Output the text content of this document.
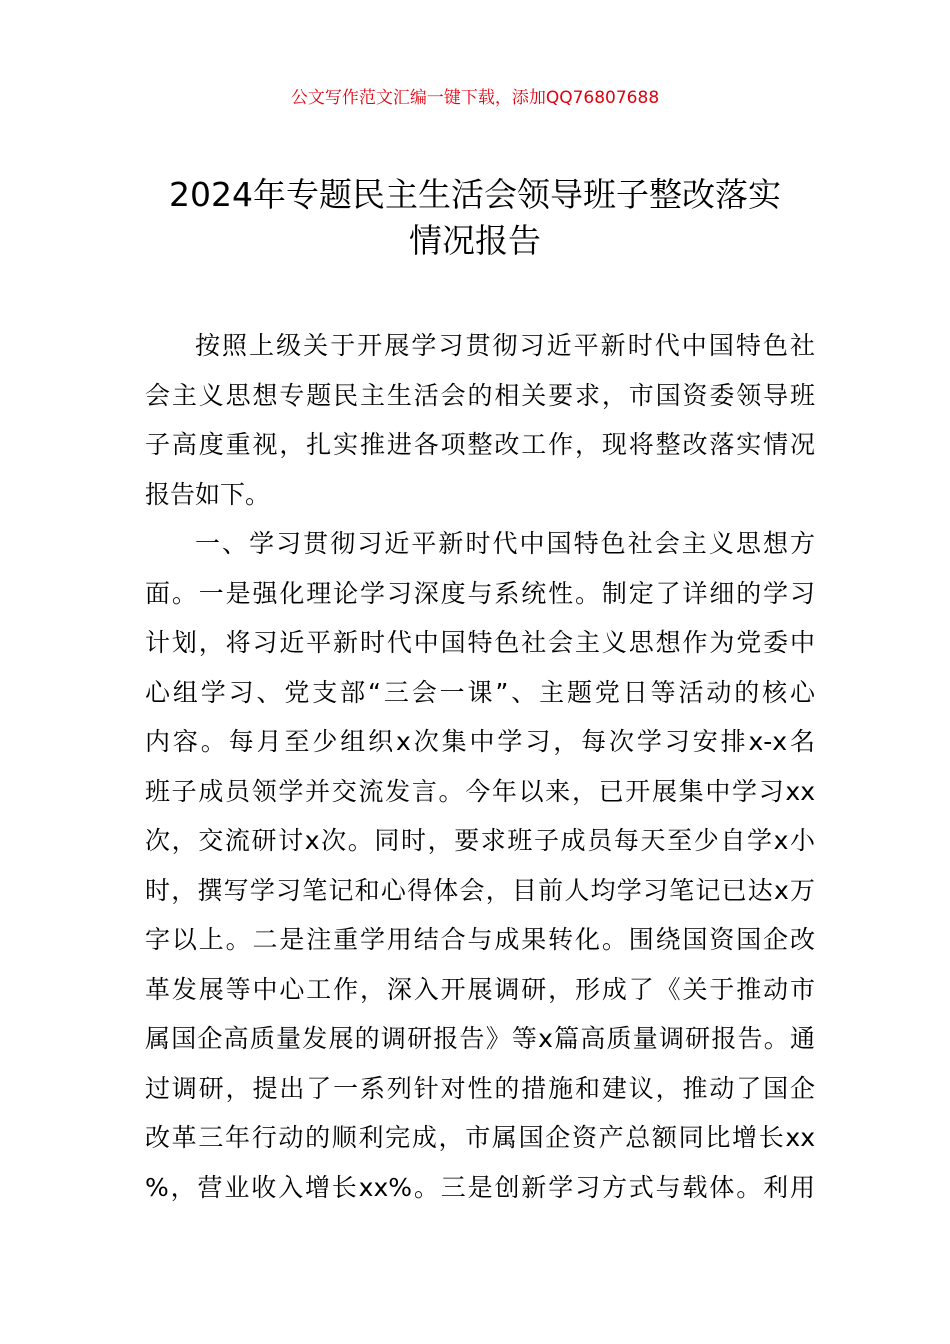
公文写作范文汇编一键下载，添加QQ76807688
2024年专题民主生活会领导班子整改落实
情况报告
按照上级关于开展学习贯彻习近平新时代中国特色社
会主义思想专题民主生活会的相关要求，市国资委领导班
子高度重视，扎实推进各项整改工作，现将整改落实情况
报告如下。
一、学习贯彻习近平新时代中国特色社会主义思想方
面。一是强化理论学习深度与系统性。制定了详细的学习
计划，将习近平新时代中国特色社会主义思想作为党委中
心组学习、党支部“三会一课”、主题党日等活动的核心
内容。每月至少组织x次集中学习，每次学习安排x-x名
班子成员领学并交流发言。今年以来，已开展集中学习xx
次，交流研讨x次。同时，要求班子成员每天至少自学x小
时，撰写学习笔记和心得体会，目前人均学习笔记已达x万
字以上。二是注重学用结合与成果转化。围绕国资国企改
革发展等中心工作，深入开展调研，形成了《关于推动市
属国企高质量发展的调研报告》等x篇高质量调研报告。通
过调研，提出了一系列针对性的措施和建议，推动了国企
改革三年行动的顺利完成，市属国企资产总额同比增长xx
%，营业收入增长xx%。三是创新学习方式与载体。利用
